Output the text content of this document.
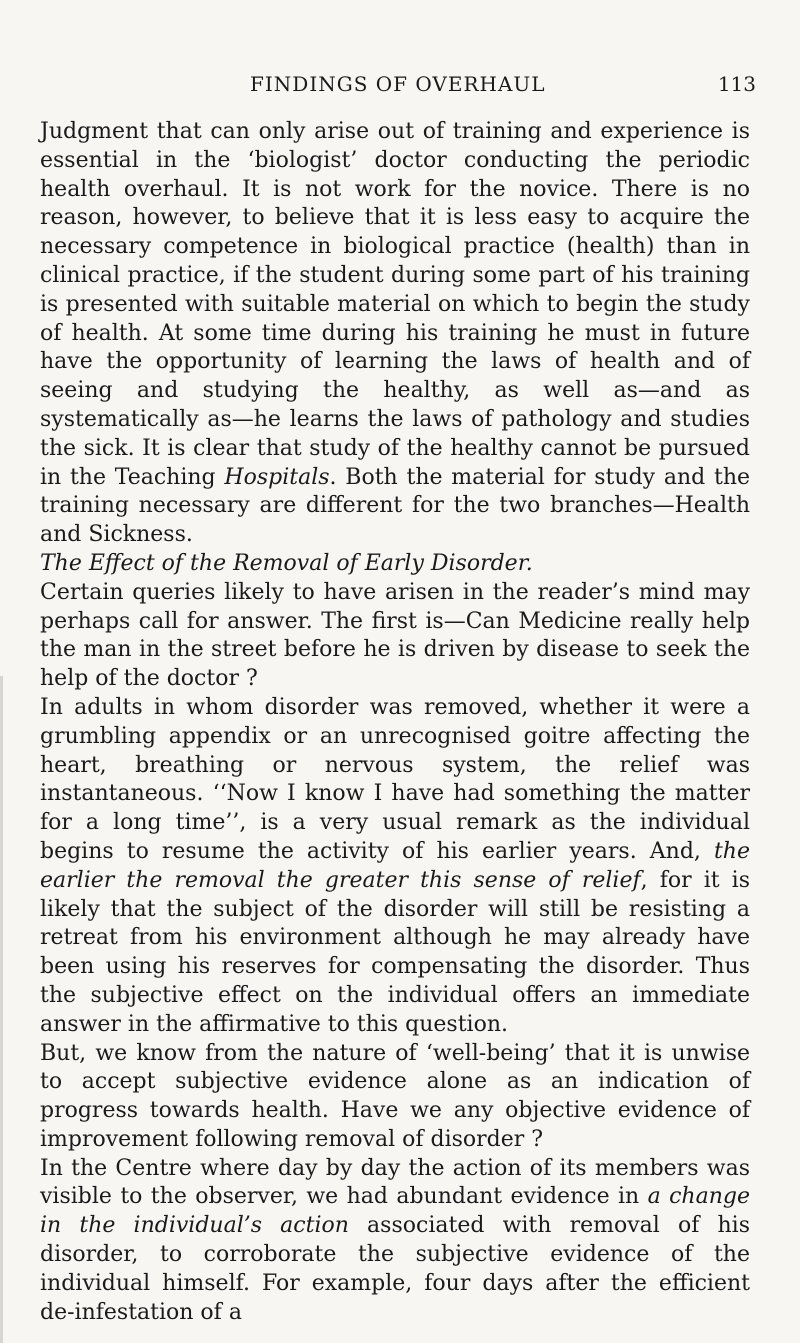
FINDINGS OF OVERHAUL	113

Judgment that can only arise out of training and experience is essential in the ‘biologist’ doctor conducting the periodic health overhaul. It is not work for the novice. There is no reason, however, to believe that it is less easy to acquire the necessary competence in biological practice (health) than in clinical practice, if the student during some part of his training is presented with suitable material on which to begin the study of health. At some time during his training he must in future have the opportunity of learning the laws of health and of seeing and studying the healthy, as well as—and as systematically as—he learns the laws of pathology and studies the sick. It is clear that study of the healthy cannot be pursued in the Teaching Hospitals. Both the material for study and the training necessary are different for the two branches—Health and Sickness.

The Effect of the Removal of Early Disorder.

Certain queries likely to have arisen in the reader’s mind may perhaps call for answer. The first is—Can Medicine really help the man in the street before he is driven by disease to seek the help of the doctor ?

In adults in whom disorder was removed, whether it were a grumbling appendix or an unrecognised goitre affecting the heart, breathing or nervous system, the relief was instantaneous. ‘‘Now I know I have had something the matter for a long time’’, is a very usual remark as the individual begins to resume the activity of his earlier years. And, the earlier the removal the greater this sense of relief, for it is likely that the subject of the disorder will still be resisting a retreat from his environment although he may already have been using his reserves for compensating the disorder. Thus the subjective effect on the individual offers an immediate answer in the affirmative to this question.

But, we know from the nature of ‘well-being’ that it is unwise to accept subjective evidence alone as an indication of progress towards health. Have we any objective evidence of improvement following removal of disorder ?

In the Centre where day by day the action of its members was visible to the observer, we had abundant evidence in a change in the individual’s action associated with removal of his disorder, to corroborate the subjective evidence of the individual himself. For example, four days after the efficient de-infestation of a
